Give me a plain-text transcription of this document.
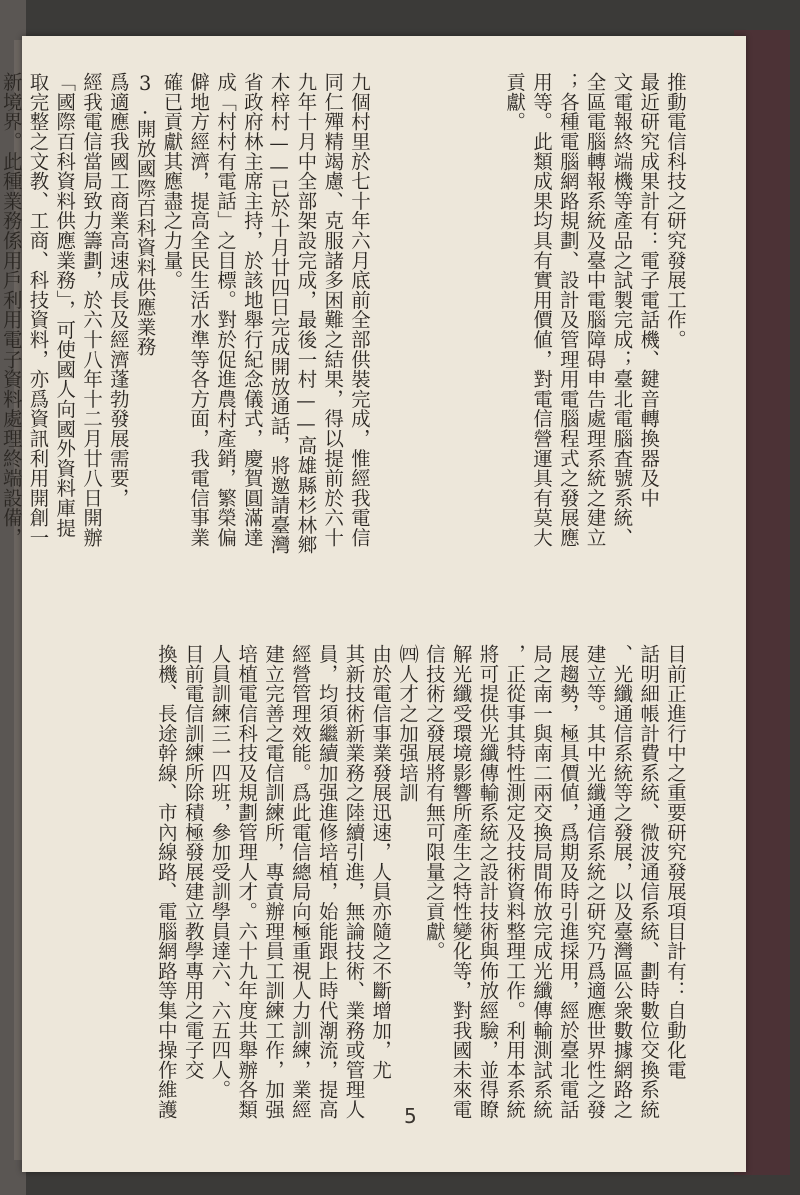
推動電信科技之研究發展工作。

最近研究成果計有：電子電話機、鍵音轉換器及中

文電報終端機等產品之試製完成；臺北電腦査號系統、

全區電腦轉報系統及臺中電腦障碍申告處理系統之建立

；各種電腦網路規劃、設計及管理用電腦程式之發展應

用等。此類成果均具有實用價値，對電信營運具有莫大

貢獻。

目前正進行中之重要研究發展項目計有：自動化電

話明細帳計費系統、微波通信系統、劃時數位交換系統

、光纖通信系統等之發展，以及臺灣區公衆數據網路之

建立等。其中光纖通信系統之研究乃爲適應世界性之發

展趨勢，極具價値，爲期及時引進採用，經於臺北電話

局之南一與南二兩交換局間佈放完成光纖傳輸測試系統

，正從事其特性測定及技術資料整理工作。利用本系統

將可提供光纖傳輸系統之設計技術與佈放經驗，並得瞭

解光纖受環境影響所產生之特性變化等，對我國未來電

信技術之發展將有無可限量之貢獻。

㈣人才之加强培訓

由於電信事業發展迅速，人員亦隨之不斷增加，尤

其新技術新業務之陸續引進，無論技術、業務或管理人

員，均須繼續加强進修培植，始能跟上時代潮流，提高

經營管理效能。爲此電信總局向極重視人力訓練，業經

建立完善之電信訓練所，專責辦理員工訓練工作，加强

培植電信科技及規劃管理人才。六十九年度共舉辦各類

人員訓練三一四班，參加受訓學員達六、六五四人。

目前電信訓練所除積極發展建立教學專用之電子交

換機、長途幹線、市內線路、電腦網路等集中操作維護

九個村里於七十年六月底前全部供裝完成，惟經我電信

同仁殫精竭慮、克服諸多困難之結果，得以提前於六十

九年十月中全部架設完成，最後一村——高雄縣杉林鄉

木梓村——已於十月廿四日完成開放通話，將邀請臺灣

省政府林主席主持，於該地舉行紀念儀式，慶賀圓滿達

成「村村有電話」之目標。對於促進農村產銷，繁榮偏

僻地方經濟，提高全民生活水準等各方面，我電信事業

確已貢獻其應盡之力量。

3.開放國際百科資料供應業務

爲適應我國工商業高速成長及經濟蓬勃發展需要，

經我電信當局致力籌劃，於六十八年十二月廿八日開辦

「國際百科資料供應業務」，可使國人向國外資料庫提

取完整之文教、工商、科技資料，亦爲資訊利用開創一

新境界。此種業務係用戶利用電子資料處理終端設備，

5
